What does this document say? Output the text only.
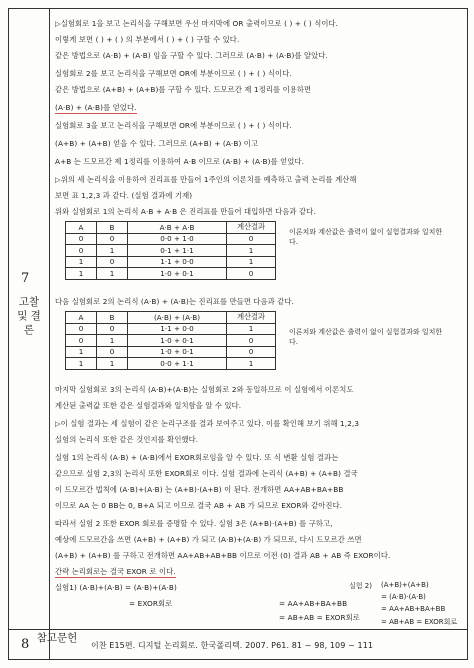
7
고찰 및 결론
8 참고문헌
이찬 E15편. 디지털 논리회로. 한국폴리텍. 2007. P61. 81 ~ 98, 109 ~ 111
▷실험회로 1을 보고 논리식을 구해보면 우선 마지막에 OR 출력이므로 ( ) + ( ) 식이다.
이렇게 보면 ( ) + ( ) 의 부분에서 ( ) + ( ) 구할 수 있다.
같은 방법으로 (A·B) + (A·B) 임을 구할 수 있다. 그러므로 (A·B) + (A·B)를 알았다.
실험회로 2를 보고 논리식을 구해보면 OR에 부분이므로 ( ) + ( ) 식이다.
같은 방법으로 (A+B) + (A+B)를 구할 수 있다. 드모르간 제 1정리를 이용하면
(A·B) + (A·B)를 얻었다.
실험회로 3을 보고 논리식을 구해보면 OR에 부분이므로 ( ) + ( ) 식이다.
(A+B) + (A+B) 얻을 수 있다. 그러므로 (A+B) + (A·B) 이고
A+B 는 드모르간 제 1정리를 이용하여 A·B 이므로 (A·B) + (A·B)를 얻었다.
▷위의 세 논리식을 이용하여 진리표를 만들어 1주인의 이론치를 예측하고 출력 논리를 계산해
보면 표 1,2,3 과 같다. (실험 결과에 기재)
위와 실험회로 1의 논리식 A·B + A·B 은 진리표를 만들어 대입하면 다음과 같다.
A	B	A·B + A·B	계산결과
0	0	0·0 + 1·0	0
0	1	0·1 + 1·1	1
1	0	1·1 + 0·0	1
1	1	1·0 + 0·1	0
이론치와 계산값은 출력이 없이 실험결과와 일치한다.
다음 실험회로 2의 논리식 (A·B) + (A·B)는 진리표를 만들면 다음과 같다.
A	B	(A·B) + (A·B)	계산결과
0	0	1·1 + 0·0	1
0	1	1·0 + 0·1	0
1	0	1·0 + 0·1	0
1	1	0·0 + 1·1	1
이론치와 계산값은 출력이 없이 실험결과와 일치한다.
마지막 실험회로 3의 논리식 (A·B)+(A·B)는 실험회로 2와 동일하므로 이 실험에서 이론치도
계산된 출력값 또한 같은 실험결과와 일치함을 알 수 있다.
▷이 실험 결과는 세 실험이 같은 논리구조를 결과 보여주고 있다. 이를 확인해 보기 위해 1,2,3
실험의 논리식 또한 같은 것인지를 확인했다.
실험 1의 논리식 (A·B) + (A·B)에서 EXOR회로임을 알 수 있다. 또 식 변환 실험 결과는
같으므로 실험 2,3의 논리식 또한 EXOR회로 이다. 실험 결과에 논리식 (A+B) + (A+B) 결국
이 드모르간 법칙에 (A·B)+(A·B) 는 (A+B)·(A+B) 이 된다. 전개하면 AA+AB+BA+BB
이므로 AA 는 0 BB는 0, B+A 되고 이므로 결국 AB + AB 가 되므로 EXOR와 같아진다.
따라서 실험 2 또한 EXOR 회로를 증명할 수 있다. 실험 3은 (A+B)·(A+B) 를 구하고,
예상에 드모르간을 쓰면 (A+B) + (A+B) 가 되고 (A·B)+(A·B) 가 되므로, 다시 드모르간 쓰면
(A+B) + (A+B) 를 구하고 전개하면 AA+AB+AB+BB 이므로 이전 (0) 결과 AB + AB 즉 EXOR이다.
간략 논리회로는 결국 EXOR 로 이다.
실험1) (A·B)+(A·B) = (A·B)+(A·B)
= EXOR회로	= AA+AB+BA+BB
= AB+AB = EXOR회로
실험 2) (A+B)+(A+B)
= (A·B)·(A·B)
= AA+AB+BA+BB
= AB+AB = EXOR회로
